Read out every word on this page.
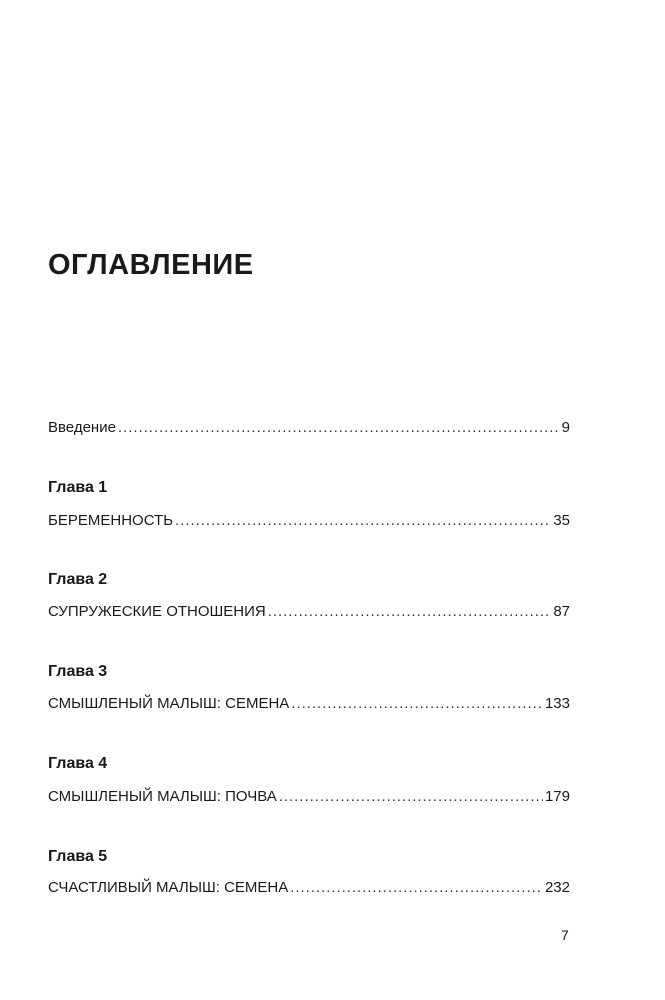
ОГЛАВЛЕНИЕ
Введение . . .	9
Глава 1
БЕРЕМЕННОСТЬ . . .	35
Глава 2
СУПРУЖЕСКИЕ ОТНОШЕНИЯ . . .	87
Глава 3
СМЫШЛЕНЫЙ МАЛЫШ: СЕМЕНА . . .	133
Глава 4
СМЫШЛЕНЫЙ МАЛЫШ: ПОЧВА . . .	179
Глава 5
СЧАСТЛИВЫЙ МАЛЫШ: СЕМЕНА . . .	232
7
